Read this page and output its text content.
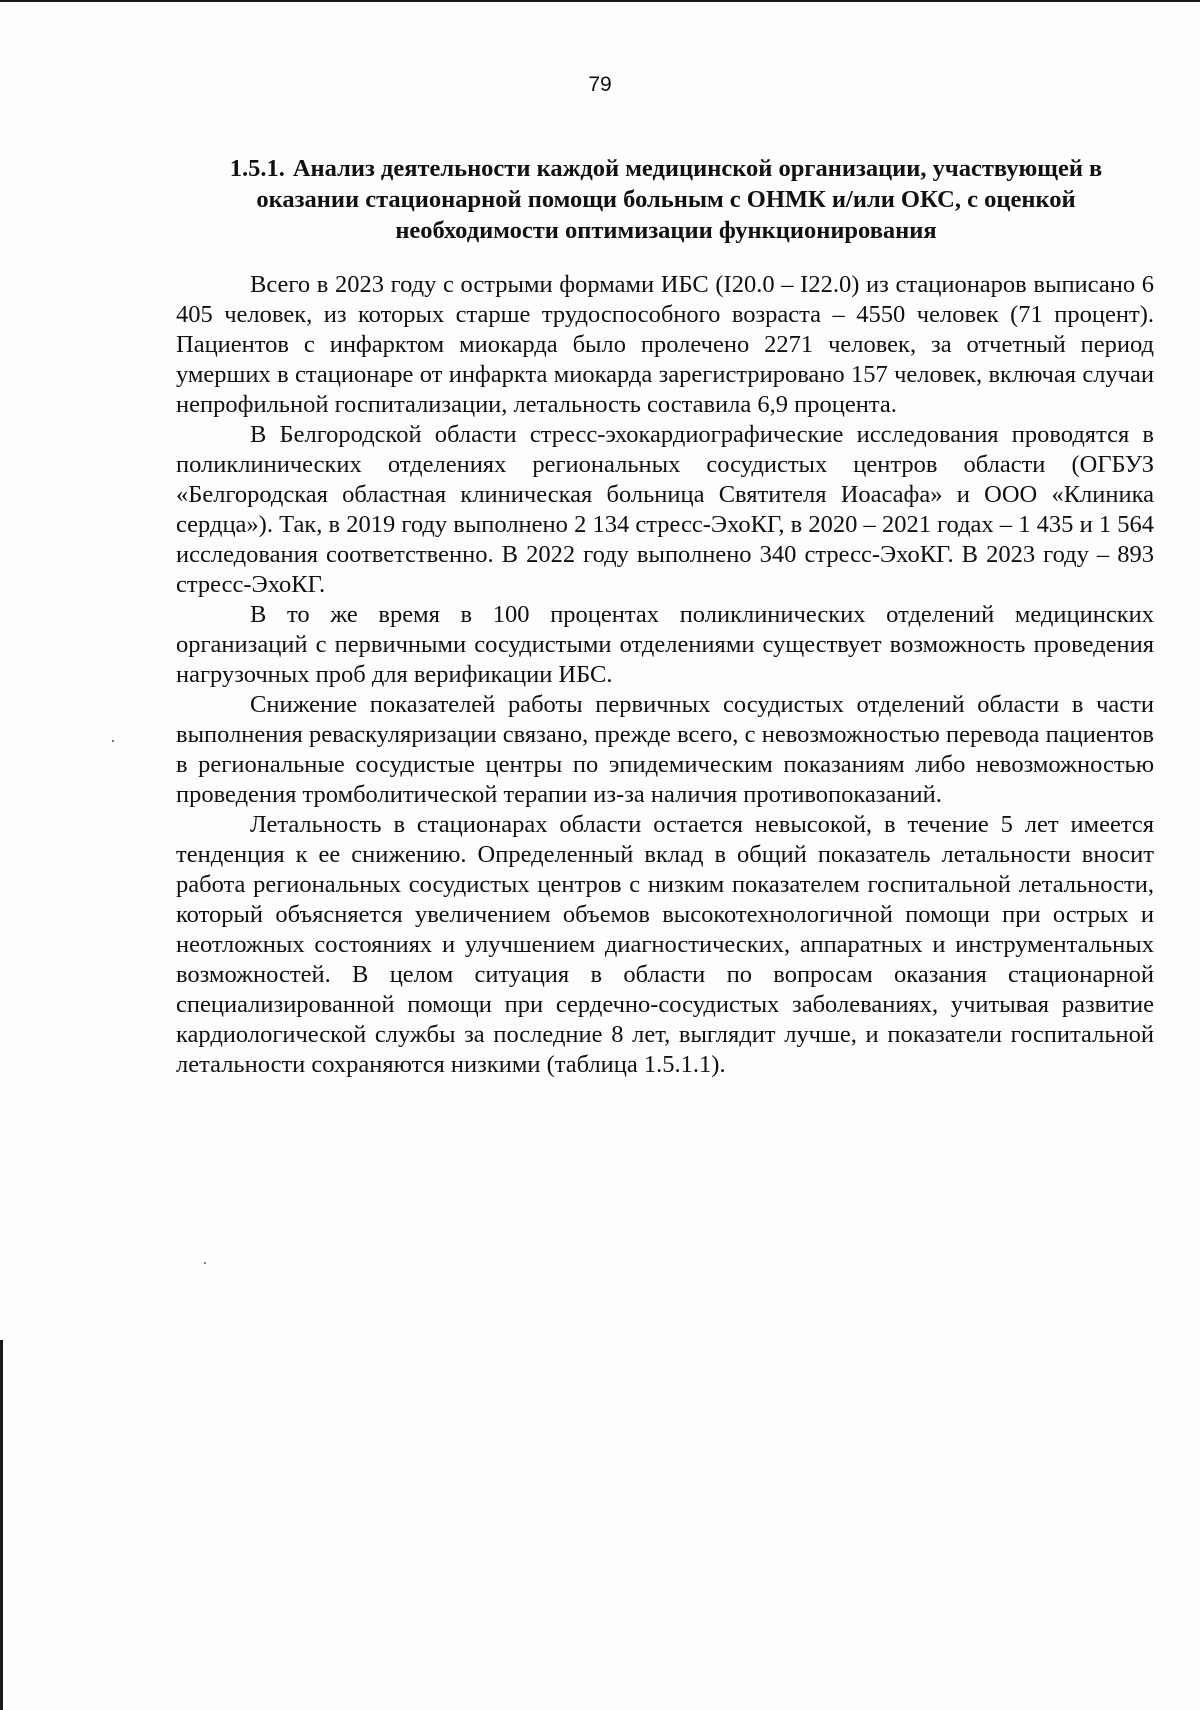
79
1.5.1. Анализ деятельности каждой медицинской организации, участвующей в оказании стационарной помощи больным с ОНМК и/или ОКС, с оценкой необходимости оптимизации функционирования

Всего в 2023 году с острыми формами ИБС (I20.0 – I22.0) из стационаров выписано 6 405 человек, из которых старше трудоспособного возраста – 4550 человек (71 процент). Пациентов с инфарктом миокарда было пролечено 2271 человек, за отчетный период умерших в стационаре от инфаркта миокарда зарегистрировано 157 человек, включая случаи непрофильной госпитализации, летальность составила 6,9 процента.

В Белгородской области стресс-эхокардиографические исследования проводятся в поликлинических отделениях региональных сосудистых центров области (ОГБУЗ «Белгородская областная клиническая больница Святителя Иоасафа» и ООО «Клиника сердца»). Так, в 2019 году выполнено 2 134 стресс-ЭхоКГ, в 2020 – 2021 годах – 1 435 и 1 564 исследования соответственно. В 2022 году выполнено 340 стресс-ЭхоКГ. В 2023 году – 893 стресс-ЭхоКГ.

В то же время в 100 процентах поликлинических отделений медицинских организаций с первичными сосудистыми отделениями существует возможность проведения нагрузочных проб для верификации ИБС.

Снижение показателей работы первичных сосудистых отделений области в части выполнения реваскуляризации связано, прежде всего, с невозможностью перевода пациентов в региональные сосудистые центры по эпидемическим показаниям либо невозможностью проведения тромболитической терапии из-за наличия противопоказаний.

Летальность в стационарах области остается невысокой, в течение 5 лет имеется тенденция к ее снижению. Определенный вклад в общий показатель летальности вносит работа региональных сосудистых центров с низким показателем госпитальной летальности, который объясняется увеличением объемов высокотехнологичной помощи при острых и неотложных состояниях и улучшением диагностических, аппаратных и инструментальных возможностей. В целом ситуация в области по вопросам оказания стационарной специализированной помощи при сердечно-сосудистых заболеваниях, учитывая развитие кардиологической службы за последние 8 лет, выглядит лучше, и показатели госпитальной летальности сохраняются низкими (таблица 1.5.1.1).
